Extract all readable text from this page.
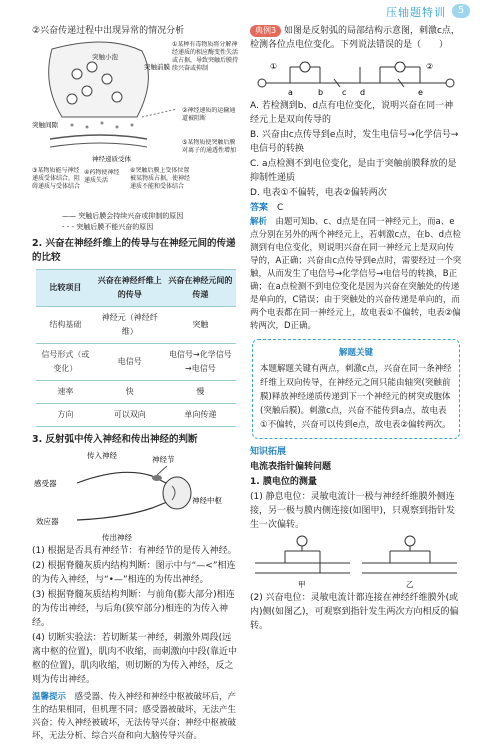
压轴题特训	5

②兴奋传递过程中出现异常的情况分析

突触小泡
突触间隙
突触前膜
神经递质受体
①某种有毒物质将分解神经递质的相应酶变性失活或占据，导致突触后膜持续兴奋或抑制
②神经递质的运输通道被阻断
⑤某物质使突触后膜对离子的通透性增加
③某物质能与神经递质受体结合，阻碍递质与受体结合
④药物使神经递质失活
⑥突触后膜上受体位置被某物质占据，使神经递质不能和受体结合
—— 突触后膜会持续兴奋或抑制的原因
- - - 突触后膜不能兴奋的原因

2. 兴奋在神经纤维上的传导与在神经元间的传递的比较

比较项目	兴奋在神经纤维上的传导	兴奋在神经元间的传递
结构基础	神经元（神经纤维）	突触
信号形式（或变化）	电信号	电信号→化学信号→电信号
速率	快	慢
方向	可以双向	单向传递

3. 反射弧中传入神经和传出神经的判断

传入神经	神经节
感受器
神经中枢
效应器
传出神经

(1) 根据是否具有神经节：有神经节的是传入神经。

(2) 根据脊髓灰质内结构判断：图示中与“—<”相连的为传入神经，与“•—”相连的为传出神经。

(3) 根据脊髓灰质结构判断：与前角(膨大部分)相连的为传出神经，与后角(狭窄部分)相连的为传入神经。

(4) 切断实验法：若切断某一神经，刺激外周段(远离中枢的位置)，肌肉不收缩，而刺激向中段(靠近中枢的位置)，肌肉收缩，则切断的为传入神经，反之则为传出神经。

温馨提示　 感受器、传入神经和神经中枢被破坏后，产生的结果相同，但机理不同；感受器被破坏，无法产生兴奋；传入神经被破坏，无法传导兴奋；神经中枢被破坏，无法分析、综合兴奋和向大脑传导兴奋。

典例3 如图是反射弧的局部结构示意图，刺激c点，检测各位点电位变化。下列说法错误的是（　　）

①	②
a	b c d	e

A. 若检测到b、d点有电位变化，说明兴奋在同一神经元上是双向传导的

B. 兴奋由c点传导到e点时，发生电信号→化学信号→电信号的转换

C. a点检测不到电位变化，是由于突触前膜释放的是抑制性递质

D. 电表①不偏转，电表②偏转两次

答案　 C

解析　 由题可知b、c、d点是在同一神经元上，而a、e点分别在另外的两个神经元上，若刺激c点，在b、d点检测到有电位变化，则说明兴奋在同一神经元上是双向传导的，A正确；兴奋由c点传导到e点时，需要经过一个突触，从而发生了电信号→化学信号→电信号的转换，B正确；在a点检测不到电位变化是因为兴奋在突触处的传递是单向的，C错误；由于突触处的兴奋传递是单向的，而两个电表都在同一神经元上，故电表①不偏转，电表②偏转两次，D正确。

解题关键
本题解题关键有两点，刺激c点，兴奋在同一条神经纤维上双向传导，在神经元之间只能由轴突(突触前膜)释放神经递质传递到下一个神经元的树突或胞体(突触后膜)。刺激c点，兴奋不能传到a点，故电表①不偏转，兴奋可以传到e点，故电表②偏转两次。

知识拓展

电流表指针偏转问题

1. 膜电位的测量

(1) 静息电位：灵敏电流计一极与神经纤维膜外侧连接，另一极与膜内侧连接(如图甲)，只观察到指针发生一次偏转。

甲	乙

(2) 兴奋电位：灵敏电流计都连接在神经纤维膜外(或内)侧(如图乙)，可观察到指针发生两次方向相反的偏转。
